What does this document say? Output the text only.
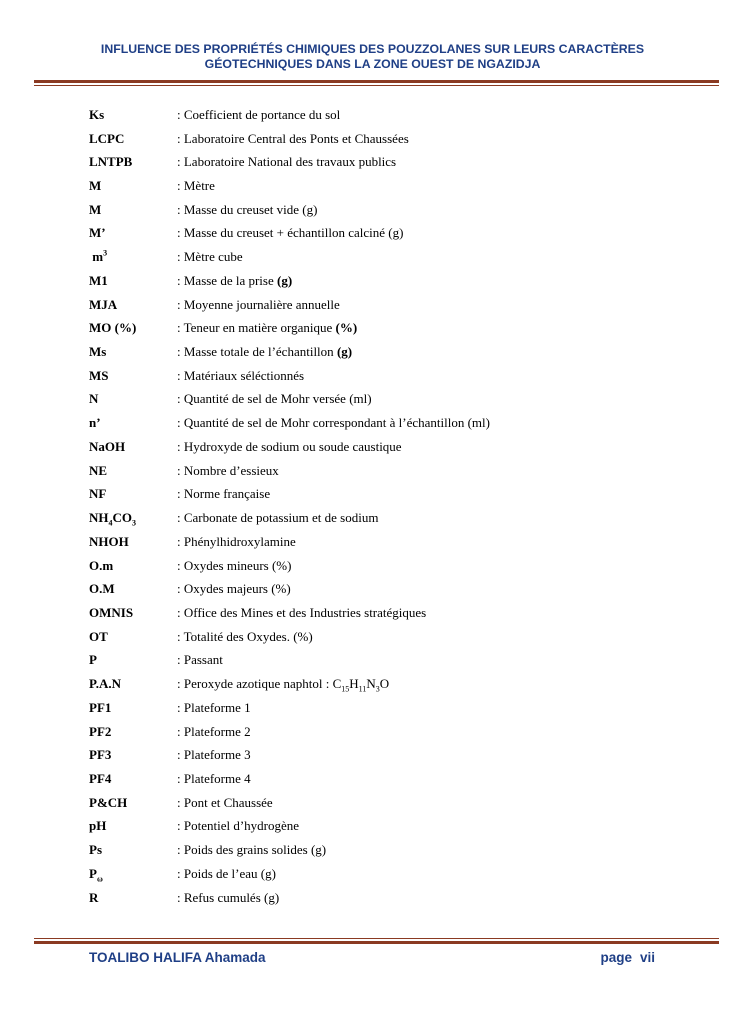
INFLUENCE DES PROPRIÉTÉS CHIMIQUES DES POUZZOLANES SUR LEURS CARACTÈRES
GÉOTECHNIQUES DANS LA ZONE OUEST DE NGAZIDJA
Ks	: Coefficient de portance du sol
LCPC	: Laboratoire Central des Ponts et Chaussées
LNTPB	: Laboratoire National des travaux publics
M	: Mètre
M	: Masse du creuset vide (g)
M’	: Masse du creuset + échantillon calciné (g)
$m^3$	: Mètre cube
M1	: Masse de la prise (g)
MJA	: Moyenne journalière annuelle
MO (%)	: Teneur en matière organique (%)
Ms	: Masse totale de l’échantillon (g)
MS	: Matériaux séléctionnés
N	: Quantité de sel de Mohr versée (ml)
n’	: Quantité de sel de Mohr correspondant à l’échantillon (ml)
NaOH	: Hydroxyde de sodium ou soude caustique
NE	: Nombre d’essieux
NF	: Norme française
$NH_4CO_3$	: Carbonate de potassium et de sodium
NHOH	: Phénylhidroxylamine
O.m	: Oxydes mineurs (%)
O.M	: Oxydes majeurs (%)
OMNIS	: Office des Mines et des Industries stratégiques
OT	: Totalité des Oxydes. (%)
P	: Passant
P.A.N	: Peroxyde azotique naphtol : $C_{15}H_{11}N_3O$
PF1	: Plateforme 1
PF2	: Plateforme 2
PF3	: Plateforme 3
PF4	: Plateforme 4
P&CH	: Pont et Chaussée
pH	: Potentiel d’hydrogène
Ps	: Poids des grains solides (g)
$P_\omega$	: Poids de l’eau (g)
R	: Refus cumulés (g)
TOALIBO HALIFA Ahamada	page vii
